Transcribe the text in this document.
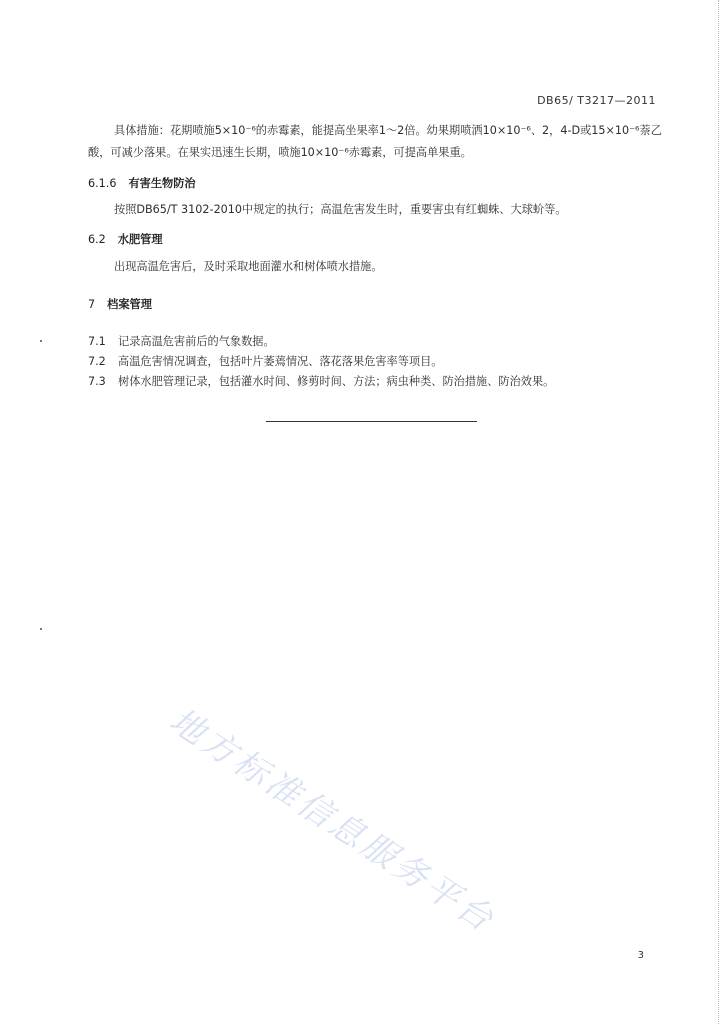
DB65/ T3217—2011
具体措施：花期喷施5×10⁻⁶的赤霉素，能提高坐果率1～2倍。幼果期喷洒10×10⁻⁶、2，4-D或15×10⁻⁶萘乙酸，可减少落果。在果实迅速生长期，喷施10×10⁻⁶赤霉素，可提高单果重。
6.1.6 有害生物防治
按照DB65/T 3102-2010中规定的执行；高温危害发生时，重要害虫有红蜘蛛、大球蚧等。
6.2 水肥管理
出现高温危害后，及时采取地面灌水和树体喷水措施。
7 档案管理
7.1 记录高温危害前后的气象数据。
7.2 高温危害情况调查，包括叶片萎蔫情况、落花落果危害率等项目。
7.3 树体水肥管理记录，包括灌水时间、修剪时间、方法；病虫种类、防治措施、防治效果。
地方标准信息服务平台
3
